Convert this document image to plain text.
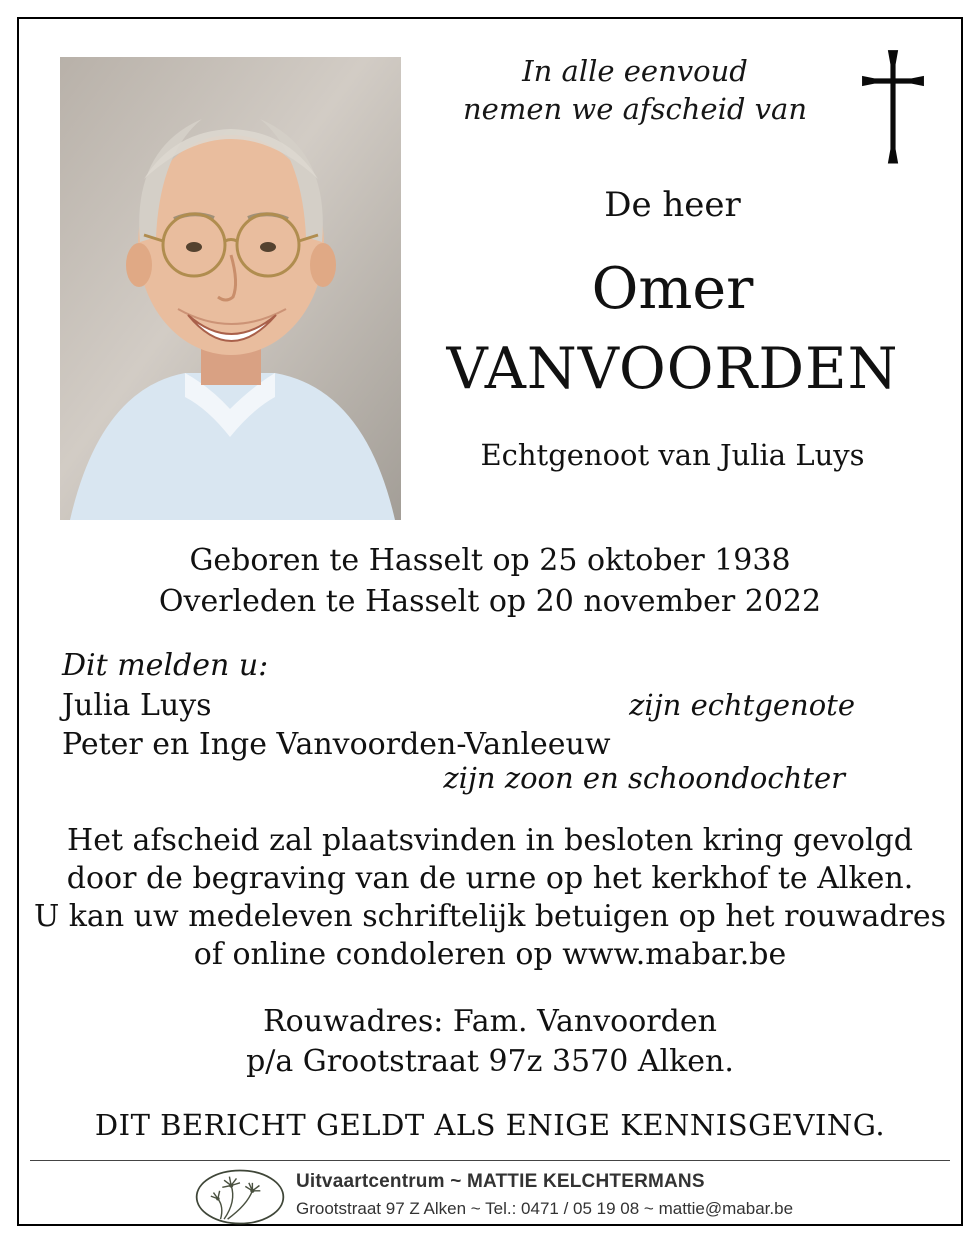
In alle eenvoud
nemen we afscheid van
De heer
Omer
VANVOORDEN
Echtgenoot van Julia Luys
Geboren te Hasselt op 25 oktober 1938
Overleden te Hasselt op 20 november 2022
Dit melden u:
Julia Luys	zijn echtgenote
Peter en Inge Vanvoorden-Vanleeuw
zijn zoon en schoondochter
Het afscheid zal plaatsvinden in besloten kring gevolgd
door de begraving van de urne op het kerkhof te Alken.
U kan uw medeleven schriftelijk betuigen op het rouwadres
of online condoleren op www.mabar.be
Rouwadres: Fam. Vanvoorden
p/a Grootstraat 97z 3570 Alken.
DIT BERICHT GELDT ALS ENIGE KENNISGEVING.
Uitvaartcentrum ~ MATTIE KELCHTERMANS
Grootstraat 97 Z Alken ~ Tel.: 0471 / 05 19 08 ~ mattie@mabar.be
